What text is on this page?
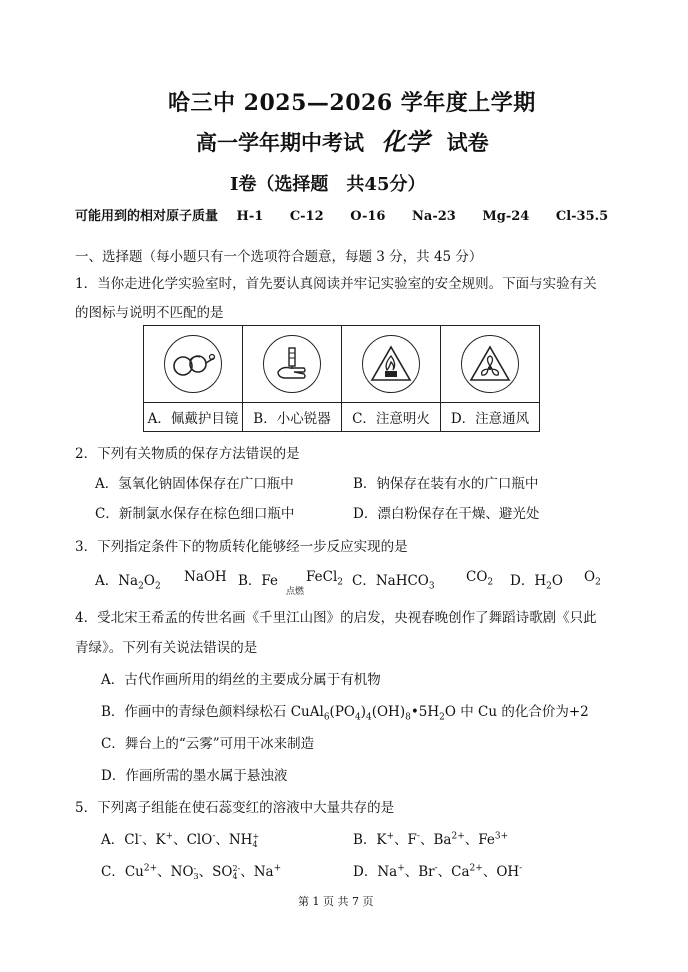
哈三中 2025—2026 学年度上学期
高一学年期中考试 化学 试卷
Ⅰ卷（选择题　共45分）
可能用到的相对原子质量 H-1 C-12 O-16 Na-23 Mg-24 Cl-35.5
一、选择题（每小题只有一个选项符合题意，每题 3 分，共 45 分）
1．当你走进化学实验室时，首先要认真阅读并牢记实验室的安全规则。下面与实验有关
的图标与说明不匹配的是

A．佩戴护目镜	B．小心锐器	C．注意明火	D．注意通风
2．下列有关物质的保存方法错误的是
A．氢氧化钠固体保存在广口瓶中	B．钠保存在装有水的广口瓶中
C．新制氯水保存在棕色细口瓶中	D．漂白粉保存在干燥、避光处
3．下列指定条件下的物质转化能够经一步反应实现的是
A．$Na_2O_2$
NaOH B．Fe
点燃
FeCl$_2$ C．NaHCO$_3$
$CO_2$ D．$H_2O$ $O_2$
4．受北宋王希孟的传世名画《千里江山图》的启发，央视春晚创作了舞蹈诗歌剧《只此
青绿》。下列有关说法错误的是
A．古代作画所用的绢丝的主要成分属于有机物
B．作画中的青绿色颜料绿松石 $CuAl_6(PO_4)_4(OH)_8•5H_2O$ 中 Cu 的化合价为+2
C．舞台上的“云雾”可用干冰来制造
D．作画所需的墨水属于悬浊液
5．下列离子组能在使石蕊变红的溶液中大量共存的是
A．Cl-、K+、ClO-、NH +
4	B．K+、F-、$Ba^{2+}$、$Fe^{3+}$
C．$Cu^{2+}$、NO -
3 、SO 2-
4 、Na+	D．Na+、Br-、$Ca^{2+}$、OH-
第 1 页 共 7 页
